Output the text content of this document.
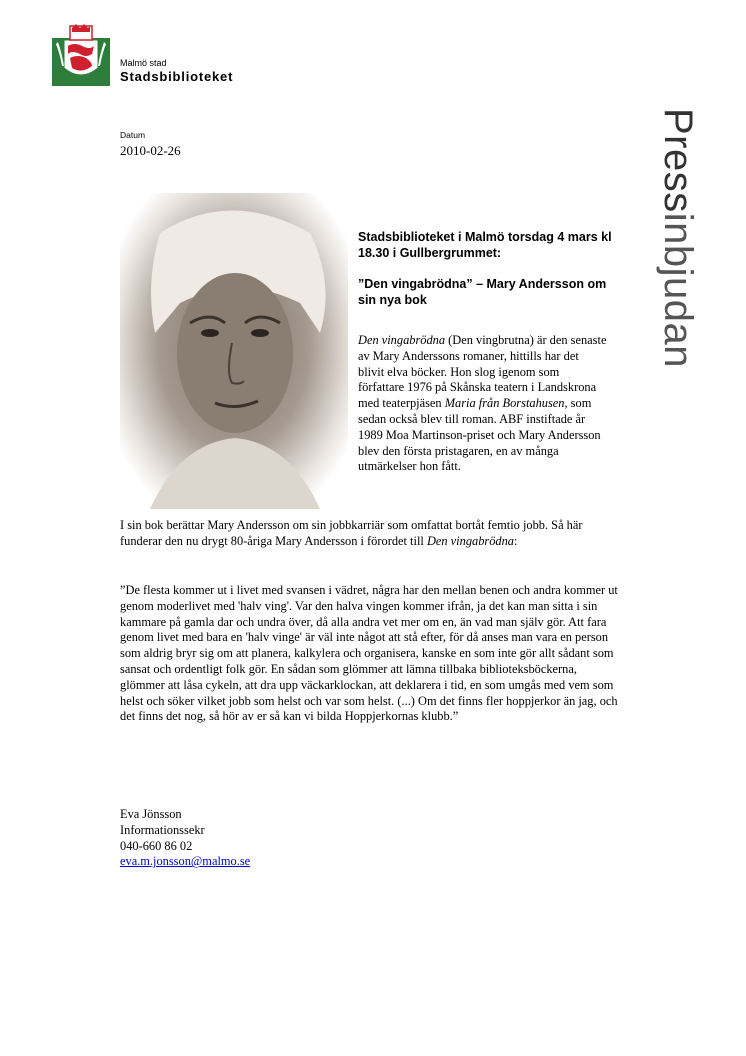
Malmö stad
Stadsbiblioteket
Datum
2010-02-26	Pressinbjudan

Stadsbiblioteket i Malmö torsdag 4 mars kl 18.30 i Gullbergrummet:

”Den vingabrödna” – Mary Andersson om sin nya bok

Den vingabrödna (Den vingbrutna) är den senaste av Mary Anderssons romaner, hittills har det blivit elva böcker. Hon slog igenom som författare 1976 på Skånska teatern i Landskrona med teaterpjäsen Maria från Borstahusen, som sedan också blev till roman. ABF instiftade år 1989 Moa Martinson-priset och Mary Andersson blev den första pristagaren, en av många utmärkelser hon fått.
I sin bok berättar Mary Andersson om sin jobbkarriär som omfattat bortåt femtio jobb. Så här funderar den nu drygt 80-åriga Mary Andersson i förordet till Den vingabrödna:
”De flesta kommer ut i livet med svansen i vädret, några har den mellan benen och andra kommer ut genom moderlivet med 'halv ving'. Var den halva vingen kommer ifrån, ja det kan man sitta i sin kammare på gamla dar och undra över, då alla andra vet mer om en, än vad man själv gör. Att fara genom livet med bara en 'halv vinge' är väl inte något att stå efter, för då anses man vara en person som aldrig bryr sig om att planera, kalkylera och organisera, kanske en som inte gör allt sådant som sansat och ordentligt folk gör. En sådan som glömmer att lämna tillbaka biblioteksböckerna, glömmer att låsa cykeln, att dra upp väckarklockan, att deklarera i tid, en som umgås med vem som helst och söker vilket jobb som helst och var som helst. (...) Om det finns fler hoppjerkor än jag, och det finns det nog, så hör av er så kan vi bilda Hoppjerkornas klubb.”
Eva Jönsson
Informationssekr
040-660 86 02
eva.m.jonsson@malmo.se
